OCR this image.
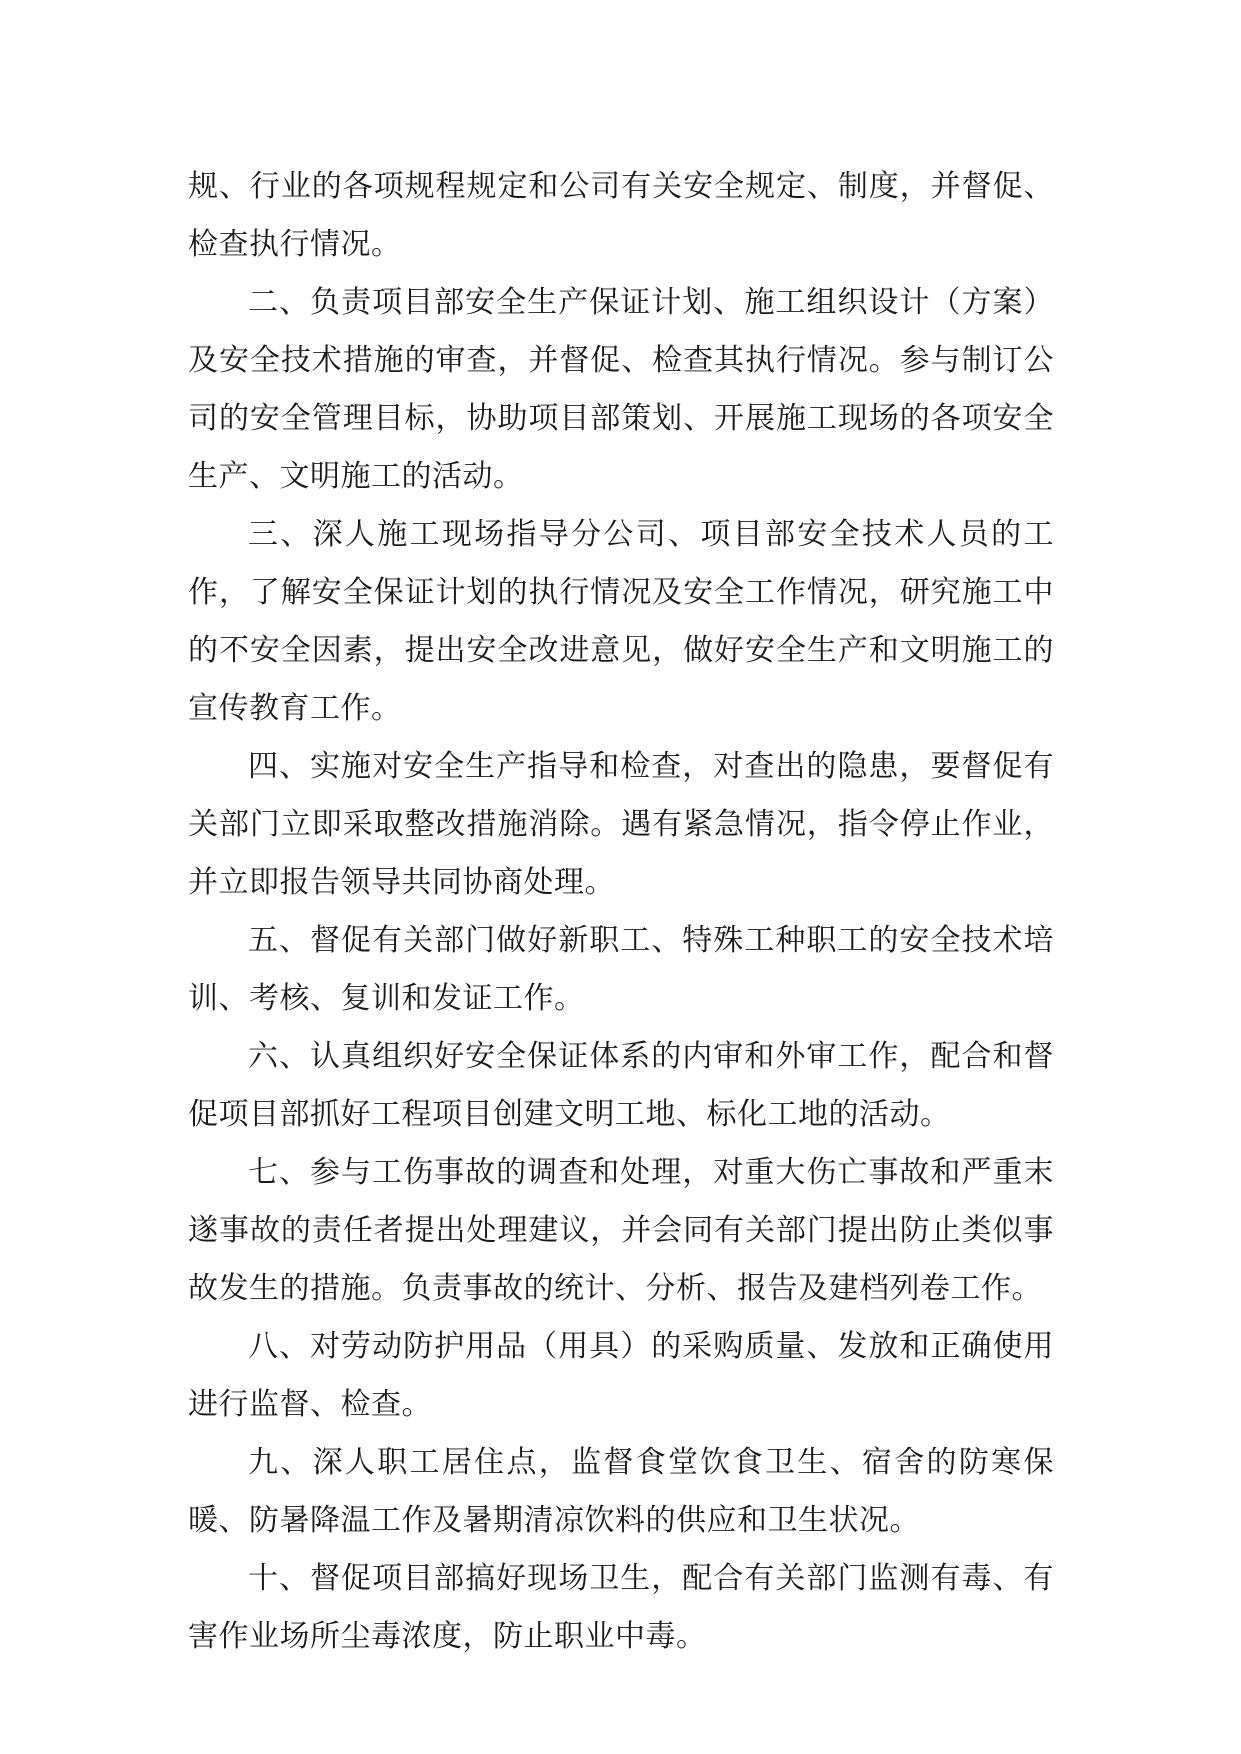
规、行业的各项规程规定和公司有关安全规定、制度，并督促、检查执行情况。

二、负责项目部安全生产保证计划、施工组织设计（方案）及安全技术措施的审查，并督促、检查其执行情况。参与制订公司的安全管理目标，协助项目部策划、开展施工现场的各项安全生产、文明施工的活动。

三、深人施工现场指导分公司、项目部安全技术人员的工作，了解安全保证计划的执行情况及安全工作情况，研究施工中的不安全因素，提出安全改进意见，做好安全生产和文明施工的宣传教育工作。

四、实施对安全生产指导和检查，对查出的隐患，要督促有关部门立即采取整改措施消除。遇有紧急情况，指令停止作业，并立即报告领导共同协商处理。

五、督促有关部门做好新职工、特殊工种职工的安全技术培训、考核、复训和发证工作。

六、认真组织好安全保证体系的内审和外审工作，配合和督促项目部抓好工程项目创建文明工地、标化工地的活动。

七、参与工伤事故的调查和处理，对重大伤亡事故和严重末遂事故的责任者提出处理建议，并会同有关部门提出防止类似事故发生的措施。负责事故的统计、分析、报告及建档列卷工作。

八、对劳动防护用品（用具）的采购质量、发放和正确使用进行监督、检查。

九、深人职工居住点，监督食堂饮食卫生、宿舍的防寒保暖、防暑降温工作及暑期清凉饮料的供应和卫生状况。

十、督促项目部搞好现场卫生，配合有关部门监测有毒、有害作业场所尘毒浓度，防止职业中毒。
